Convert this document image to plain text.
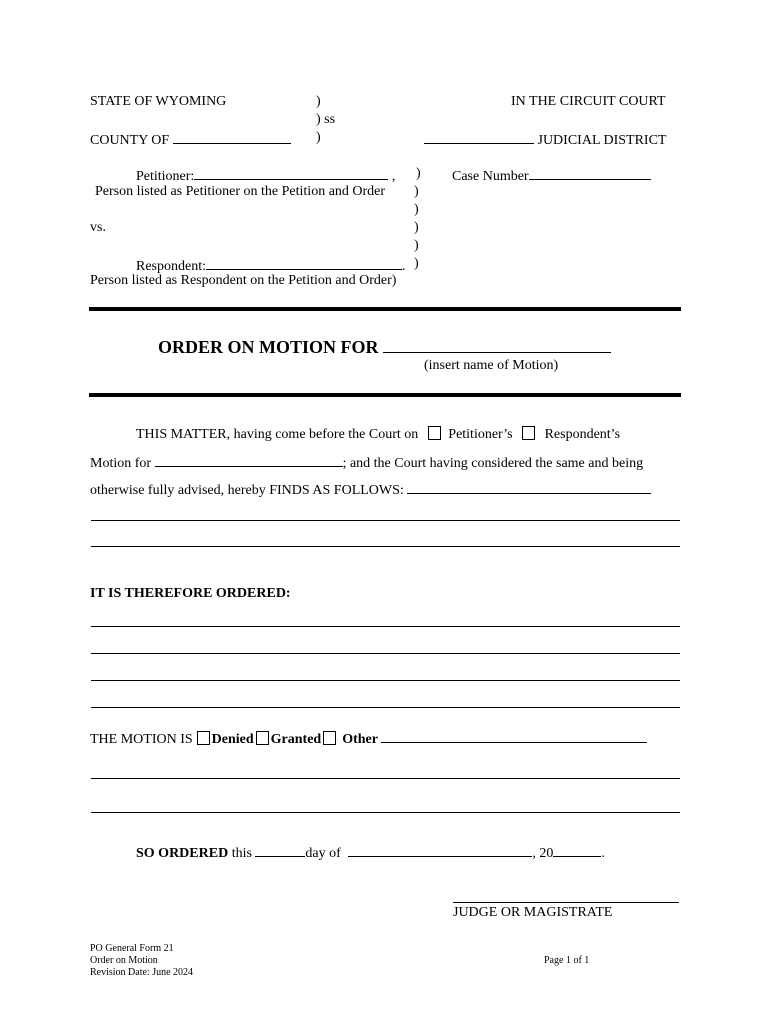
STATE OF WYOMING	)
) ss
)
COUNTY OF
IN THE CIRCUIT COURT
JUDICIAL DISTRICT
Petitioner:	, )
Person listed as Petitioner on the Petition and Order )
)
vs.	)
)
Respondent:	. )
Person listed as Respondent on the Petition and Order)
Case Number
ORDER ON MOTION FOR
(insert name of Motion)
THIS MATTER, having come before the Court on Petitioner’s Respondent’s
Motion for	; and the Court having considered the same and being
otherwise fully advised, hereby FINDS AS FOLLOWS:
IT IS THEREFORE ORDERED:
THE MOTION IS Denied Granted Other
SO ORDERED this	day of	, 20	.
JUDGE OR MAGISTRATE
PO General Form 21
Order on Motion
Revision Date: June 2024
Page 1 of 1
